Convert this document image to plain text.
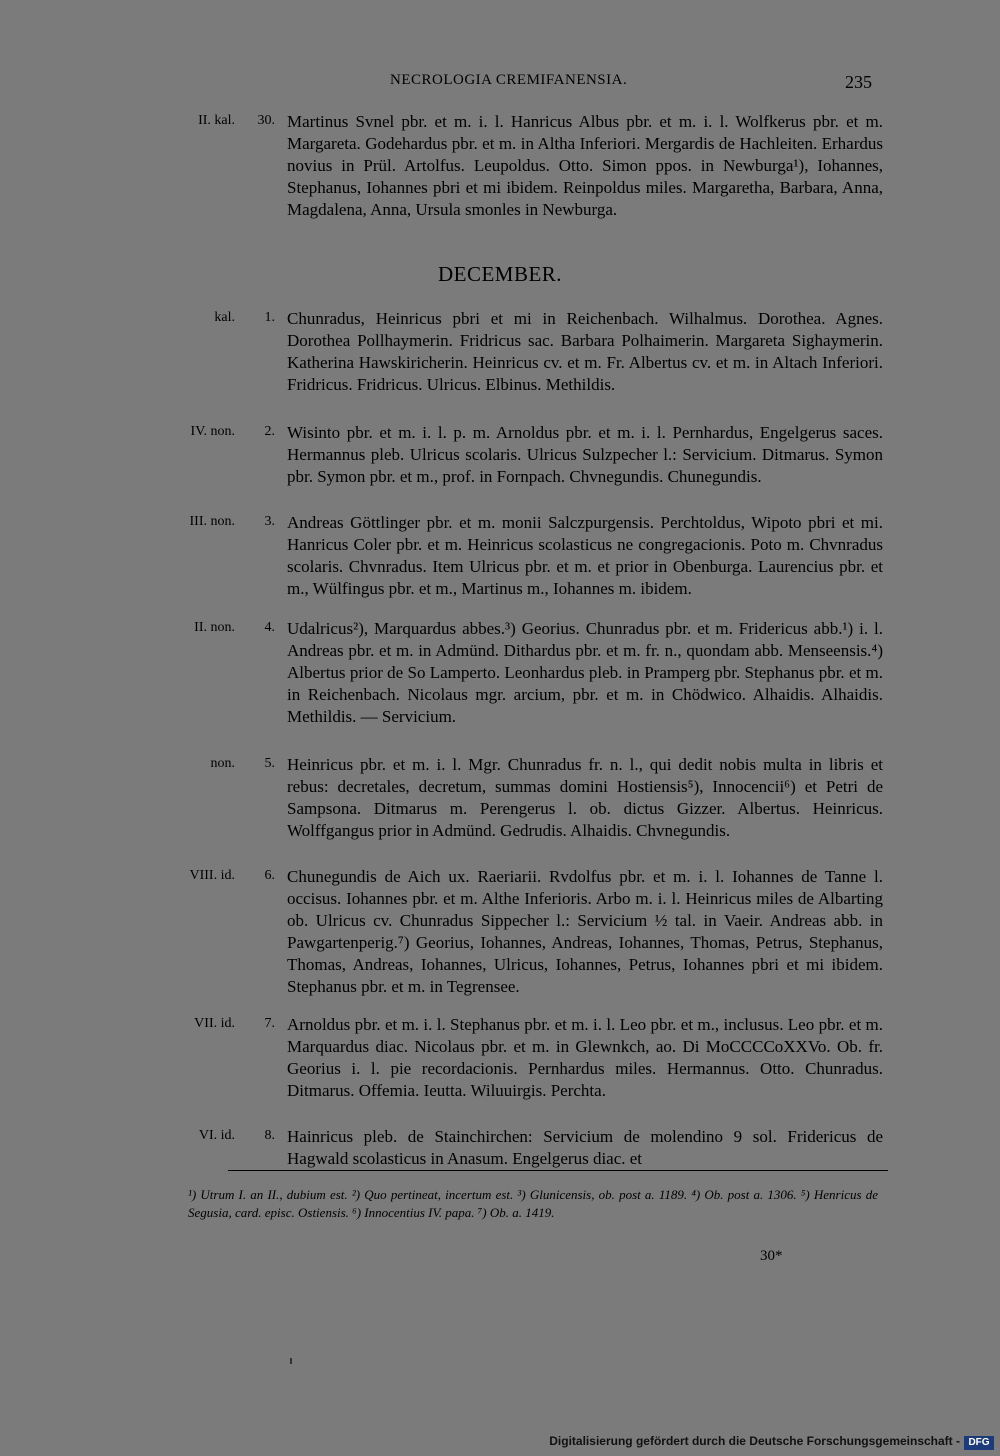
NECROLOGIA CREMIFANENSIA.	235
II. kal.	30. Martinus Svnel pbr. et m. i. l. Hanricus Albus pbr. et m. i. l. Wolfkerus pbr. et m. Margareta. Godehardus pbr. et m. in Altha Inferiori. Mergardis de Hachleiten. Erhardus novius in Prül. Artolfus. Leupoldus. Otto. Simon ppos. in Newburga¹), Iohannes, Stephanus, Iohannes pbri et mi ibidem. Reinpoldus miles. Margaretha, Barbara, Anna, Magdalena, Anna, Ursula smonles in Newburga.
DECEMBER.
kal.	1. Chunradus, Heinricus pbri et mi in Reichenbach. Wilhalmus. Dorothea. Agnes. Dorothea Pollhaymerin. Fridricus sac. Barbara Polhaimerin. Margareta Sighaymerin. Katherina Hawskiricherin. Heinricus cv. et m. Fr. Albertus cv. et m. in Altach Inferiori. Fridricus. Fridricus. Ulricus. Elbinus. Methildis.
IV. non.	2. Wisinto pbr. et m. i. l. p. m. Arnoldus pbr. et m. i. l. Pernhardus, Engelgerus saces. Hermannus pleb. Ulricus scolaris. Ulricus Sulzpecher l.: Servicium. Ditmarus. Symon pbr. Symon pbr. et m., prof. in Fornpach. Chvnegundis. Chunegundis.
III. non.	3. Andreas Göttlinger pbr. et m. monii Salczpurgensis. Perchtoldus, Wipoto pbri et mi. Hanricus Coler pbr. et m. Heinricus scolasticus ne congregacionis. Poto m. Chvnradus scolaris. Chvnradus. Item Ulricus pbr. et m. et prior in Obenburga. Laurencius pbr. et m., Wülfingus pbr. et m., Martinus m., Iohannes m. ibidem.
II. non.	4. Udalricus²), Marquardus abbes.³) Georius. Chunradus pbr. et m. Fridericus abb.¹) i. l. Andreas pbr. et m. in Admünd. Dithardus pbr. et m. fr. n., quondam abb. Menseensis.⁴) Albertus prior de So Lamperto. Leonhardus pleb. in Pramperg pbr. Stephanus pbr. et m. in Reichenbach. Nicolaus mgr. arcium, pbr. et m. in Chödwico. Alhaidis. Alhaidis. Methildis. — Servicium.
non.	5. Heinricus pbr. et m. i. l. Mgr. Chunradus fr. n. l., qui dedit nobis multa in libris et rebus: decretales, decretum, summas domini Hostiensis⁵), Innocencii⁶) et Petri de Sampsona. Ditmarus m. Perengerus l. ob. dictus Gizzer. Albertus. Heinricus. Wolffgangus prior in Admünd. Gedrudis. Alhaidis. Chvnegundis.
VIII. id.	6. Chunegundis de Aich ux. Raeriarii. Rvdolfus pbr. et m. i. l. Iohannes de Tanne l. occisus. Iohannes pbr. et m. Althe Inferioris. Arbo m. i. l. Heinricus miles de Albarting ob. Ulricus cv. Chunradus Sippecher l.: Servicium ½ tal. in Vaeir. Andreas abb. in Pawgartenperig.⁷) Georius, Iohannes, Andreas, Iohannes, Thomas, Petrus, Stephanus, Thomas, Andreas, Iohannes, Ulricus, Iohannes, Petrus, Iohannes pbri et mi ibidem. Stephanus pbr. et m. in Tegrensee.
VII. id.	7. Arnoldus pbr. et m. i. l. Stephanus pbr. et m. i. l. Leo pbr. et m., inclusus. Leo pbr. et m. Marquardus diac. Nicolaus pbr. et m. in Glewnkch, ao. Di MoCCCCoXXVo. Ob. fr. Georius i. l. pie recordacionis. Pernhardus miles. Hermannus. Otto. Chunradus. Ditmarus. Offemia. Ieutta. Wiluuirgis. Perchta.
VI. id.	8. Hainricus pleb. de Stainchirchen: Servicium de molendino 9 sol. Fridericus de Hagwald scolasticus in Anasum. Engelgerus diac. et
¹) Utrum I. an II., dubium est. ²) Quo pertineat, incertum est. ³) Glunicensis, ob. post a. 1189. ⁴) Ob. post a. 1306. ⁵) Henricus de Segusia, card. episc. Ostiensis. ⁶) Innocentius IV. papa. ⁷) Ob. a. 1419.
30*
Digitalisierung gefördert durch die Deutsche Forschungsgemeinschaft - DFG
